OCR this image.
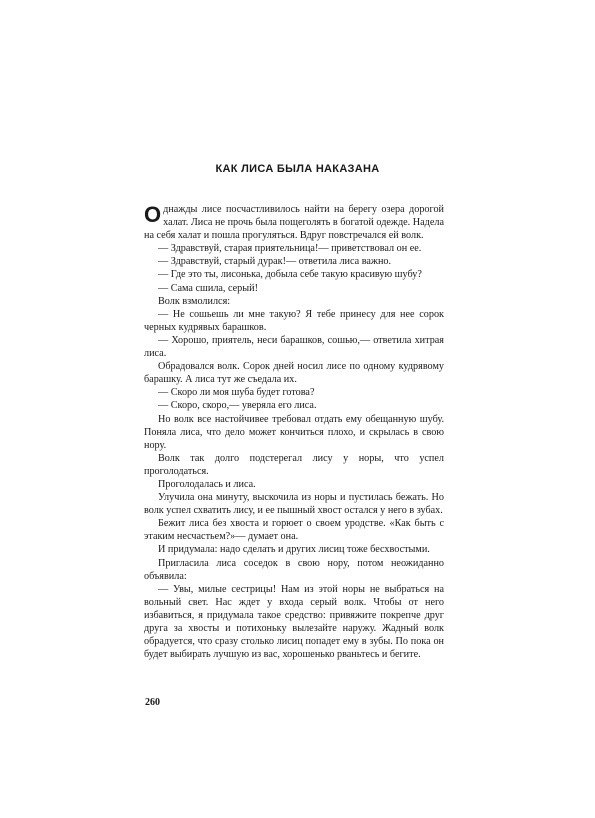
КАК ЛИСА БЫЛА НАКАЗАНА

Однажды лисе посчастливилось найти на берегу озера дорогой халат. Лиса не прочь была пощеголять в богатой одежде. Надела на себя халат и пошла прогуляться. Вдруг повстречался ей волк.

— Здравствуй, старая приятельница!— приветствовал он ее.

— Здравствуй, старый дурак!— ответила лиса важно.

— Где это ты, лисонька, добыла себе такую красивую шубу?

— Сама сшила, серый!

Волк взмолился:

— Не сошьешь ли мне такую? Я тебе принесу для нее сорок черных кудрявых барашков.

— Хорошо, приятель, неси барашков, сошью,— ответила хитрая лиса.

Обрадовался волк. Сорок дней носил лисе по одному кудрявому барашку. А лиса тут же съедала их.

— Скоро ли моя шуба будет готова?

— Скоро, скоро,— уверяла его лиса.

Но волк все настойчивее требовал отдать ему обещанную шубу. Поняла лиса, что дело может кончиться плохо, и скрылась в свою нору.

Волк так долго подстерегал лису у норы, что успел проголодаться.

Проголодалась и лиса.

Улучила она минуту, выскочила из норы и пустилась бежать. Но волк успел схватить лису, и ее пышный хвост остался у него в зубах.

Бежит лиса без хвоста и горюет о своем уродстве. «Как быть с этаким несчастьем?»— думает она.

И придумала: надо сделать и других лисиц тоже бесхвостыми.

Пригласила лиса соседок в свою нору, потом неожиданно объявила:

— Увы, милые сестрицы! Нам из этой норы не выбраться на вольный свет. Нас ждет у входа серый волк. Чтобы от него избавиться, я придумала такое средство: привяжите покрепче друг друга за хвосты и потихоньку вылезайте наружу. Жадный волк обрадуется, что сразу столько лисиц попадет ему в зубы. По пока он будет выбирать лучшую из вас, хорошенько рваньтесь и бегите.

260
